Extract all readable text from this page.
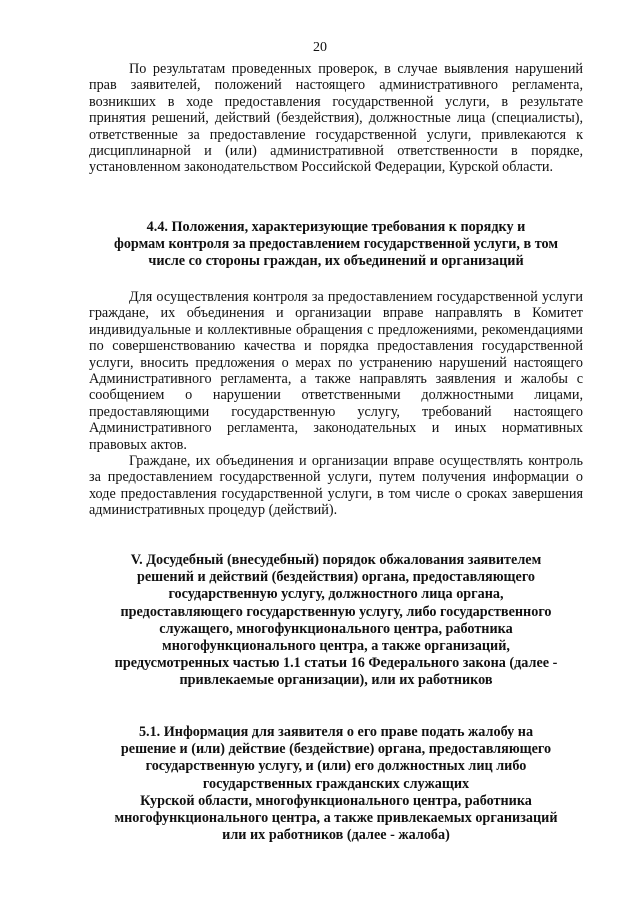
20

По результатам проведенных проверок, в случае выявления нарушений прав заявителей, положений настоящего административного регламента, возникших в ходе предоставления государственной услуги, в результате принятия решений, действий (бездействия), должностные лица (специалисты), ответственные за предоставление государственной услуги, привлекаются к дисциплинарной и (или) административной ответственности в порядке, установленном законодательством Российской Федерации, Курской области.

4.4. Положения, характеризующие требования к порядку и
формам контроля за предоставлением государственной услуги, в том
числе со стороны граждан, их объединений и организаций

Для осуществления контроля за предоставлением государственной услуги гражданe, их объединения и организации вправе направлять в Комитет индивидуальные и коллективные обращения с предложениями, рекомендациями по совершенствованию качества и порядка предоставления государственной услуги, вносить предложения о мерах по устранению нарушений настоящего Административного регламента, а также направлять заявления и жалобы с сообщением о нарушении ответственными должностными лицами, предоставляющими государственную услугу, требований настоящего Административного регламента, законодательных и иных нормативных правовых актов.

Граждане, их объединения и организации вправе осуществлять контроль за предоставлением государственной услуги, путем получения информации о ходе предоставления государственной услуги, в том числе о сроках завершения административных процедур (действий).

V. Досудебный (внесудебный) порядок обжалования заявителем
решений и действий (бездействия) органа, предоставляющего
государственную услугу, должностного лица органа,
предоставляющего государственную услугу, либо государственного
служащего, многофункционального центра, работника
многофункционального центра, а также организаций,
предусмотренных частью 1.1 статьи 16 Федерального закона (далее -
привлекаемые организации), или их работников
5.1. Информация для заявителя о его праве подать жалобу на
решение и (или) действие (бездействие) органа, предоставляющего
государственную услугу, и (или) его должностных лиц либо
государственных гражданских служащих
Курской области, многофункционального центра, работника
многофункционального центра, а также привлекаемых организаций
или их работников (далее - жалоба)
